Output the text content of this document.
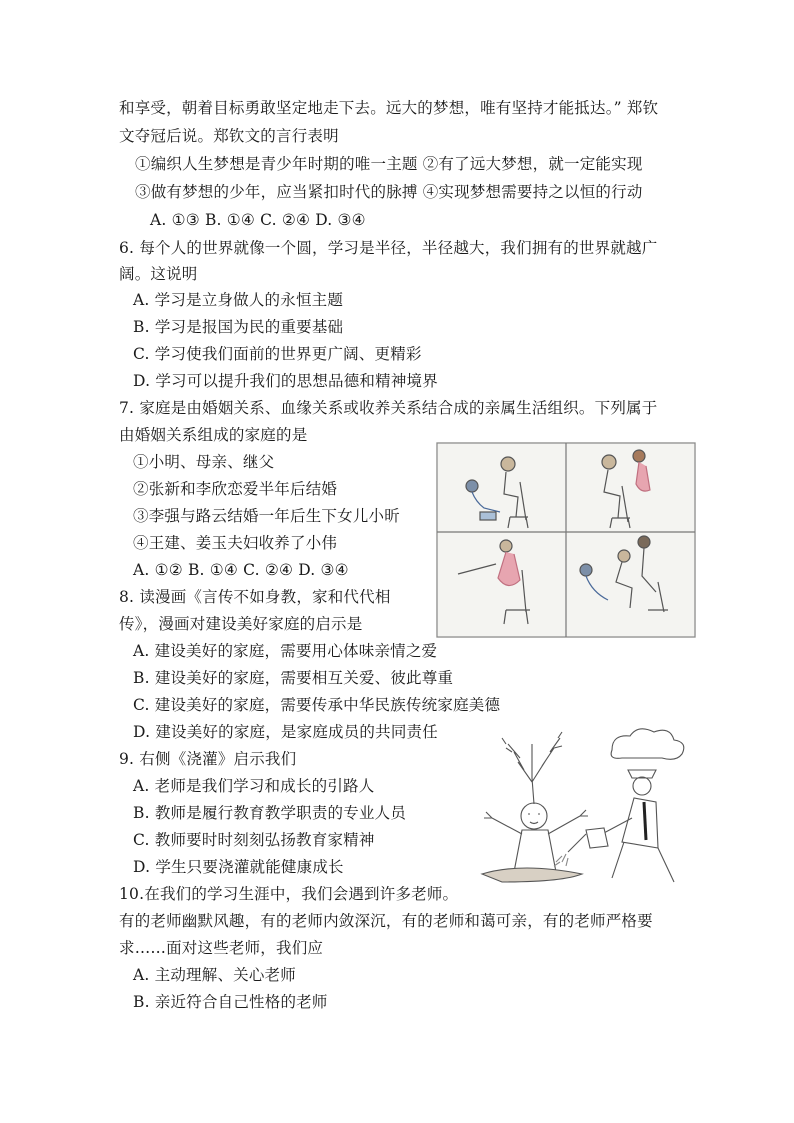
和享受，朝着目标勇敢坚定地走下去。远大的梦想，唯有坚持才能抵达。” 郑钦
文夺冠后说。郑钦文的言行表明
①编织人生梦想是青少年时期的唯一主题 ②有了远大梦想，就一定能实现
③做有梦想的少年，应当紧扣时代的脉搏 ④实现梦想需要持之以恒的行动
A. ①③ B. ①④ C. ②④ D. ③④
6. 每个人的世界就像一个圆，学习是半径，半径越大，我们拥有的世界就越广
阔。这说明
A. 学习是立身做人的永恒主题
B. 学习是报国为民的重要基础
C. 学习使我们面前的世界更广阔、更精彩
D. 学习可以提升我们的思想品德和精神境界
7. 家庭是由婚姻关系、血缘关系或收养关系结合成的亲属生活组织。下列属于
由婚姻关系组成的家庭的是
①小明、母亲、继父
②张新和李欣恋爱半年后结婚
③李强与路云结婚一年后生下女儿小昕
④王建、姜玉夫妇收养了小伟
A. ①② B. ①④ C. ②④ D. ③④
8. 读漫画《言传不如身教，家和代代相
传》，漫画对建设美好家庭的启示是
A. 建设美好的家庭，需要用心体味亲情之爱
B. 建设美好的家庭，需要相互关爱、彼此尊重
C. 建设美好的家庭，需要传承中华民族传统家庭美德
D. 建设美好的家庭，是家庭成员的共同责任
9. 右侧《浇灌》启示我们
A. 老师是我们学习和成长的引路人
B. 教师是履行教育教学职责的专业人员
C. 教师要时时刻刻弘扬教育家精神
D. 学生只要浇灌就能健康成长
10.在我们的学习生涯中，我们会遇到许多老师。
有的老师幽默风趣，有的老师内敛深沉，有的老师和蔼可亲，有的老师严格要
求……面对这些老师，我们应
A. 主动理解、关心老师
B. 亲近符合自己性格的老师
